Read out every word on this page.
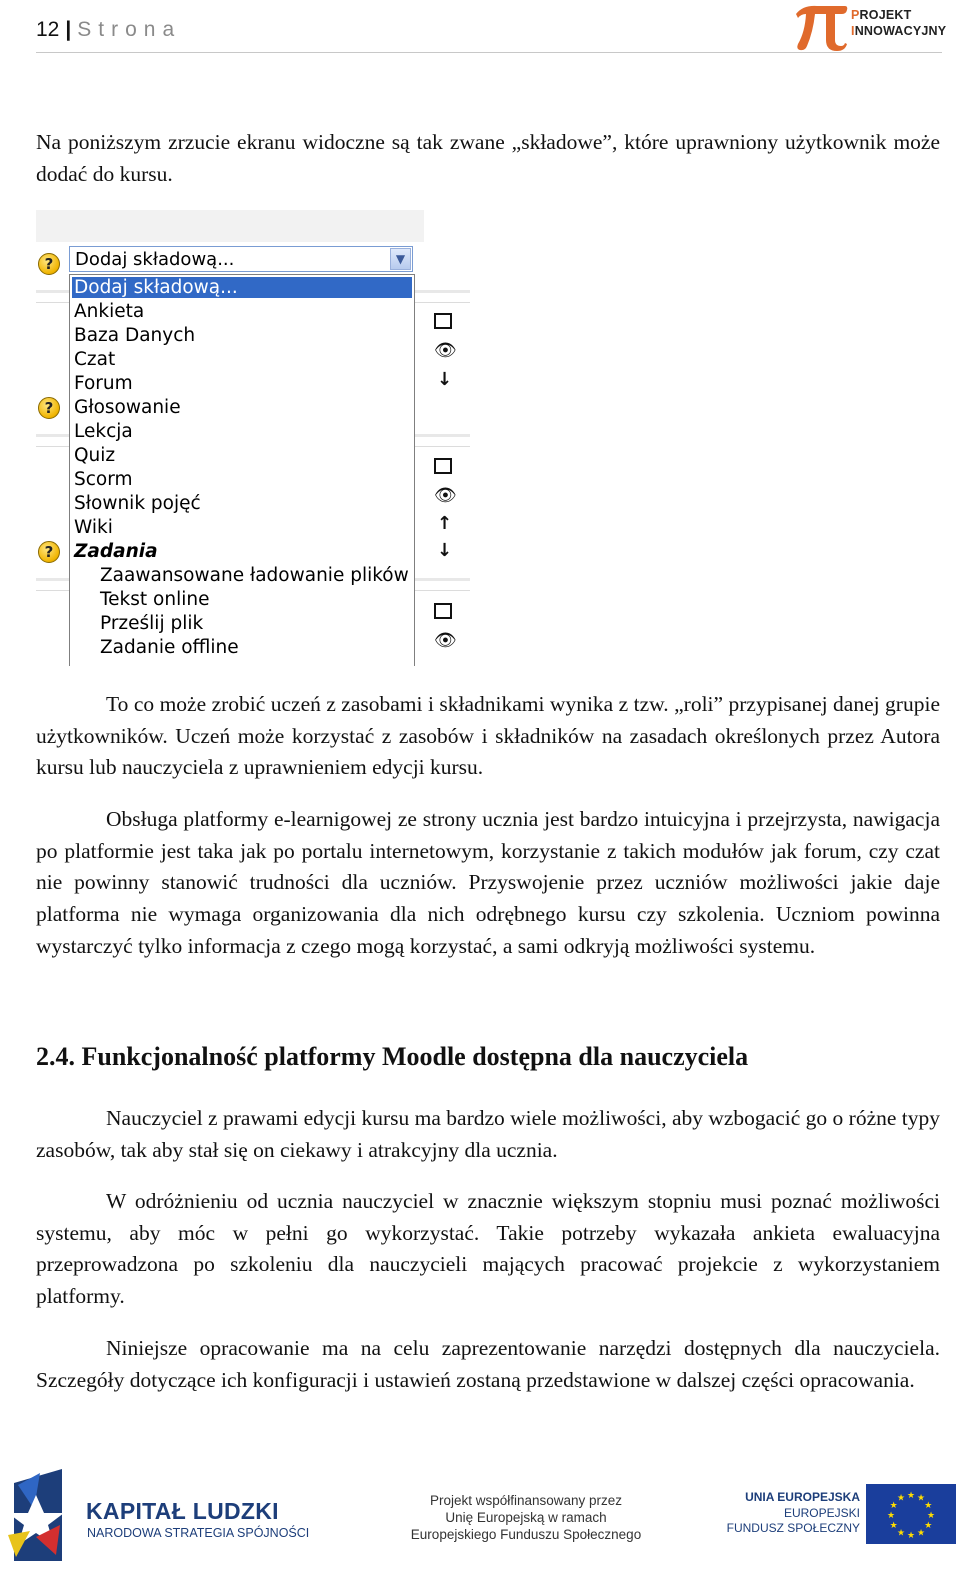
12 | Strona
PROJEKT
INNOWACYJNY

Na poniższym zrzucie ekranu widoczne są tak zwane „składowe”, które uprawniony użytkownik może dodać do kursu.

?
?
?
Dodaj składową...	▼
Dodaj składową...
Ankieta
Baza Danych
Czat
Forum
Głosowanie
Lekcja
Quiz
Scorm
Słownik pojęć
Wiki
Zadania
Zaawansowane ładowanie plików
Tekst online
Prześlij plik
Zadanie offline
👁
↓
👁
↑
↓
👁

To co może zrobić uczeń z zasobami i składnikami wynika z tzw. „roli” przypisanej danej grupie użytkowników. Uczeń może korzystać z zasobów i składników na zasadach określonych przez Autora kursu lub nauczyciela z uprawnieniem edycji kursu.

Obsługa platformy e-learnigowej ze strony ucznia jest bardzo intuicyjna i przejrzysta, nawigacja po platformie jest taka jak po portalu internetowym, korzystanie z takich modułów jak forum, czy czat nie powinny stanowić trudności dla uczniów. Przyswojenie przez uczniów możliwości jakie daje platforma nie wymaga organizowania dla nich odrębnego kursu czy szkolenia. Uczniom powinna wystarczyć tylko informacja z czego mogą korzystać, a sami odkryją możliwości systemu.

2.4. Funkcjonalność platformy Moodle dostępna dla nauczyciela

Nauczyciel z prawami edycji kursu ma bardzo wiele możliwości, aby wzbogacić go o różne typy zasobów, tak aby stał się on ciekawy i atrakcyjny dla ucznia.

W odróżnieniu od ucznia nauczyciel w znacznie większym stopniu musi poznać możliwości systemu, aby móc w pełni go wykorzystać. Takie potrzeby wykazała ankieta ewaluacyjna przeprowadzona po szkoleniu dla nauczycieli mających pracować projekcie z wykorzystaniem platformy.

Niniejsze opracowanie ma na celu zaprezentowanie narzędzi dostępnych dla nauczyciela. Szczegóły dotyczące ich konfiguracji i ustawień zostaną przedstawione w dalszej części opracowania.

KAPITAŁ LUDZKI
NARODOWA STRATEGIA SPÓJNOŚCI
Projekt współfinansowany przez
Unię Europejską w ramach
Europejskiego Funduszu Społecznego
UNIA EUROPEJSKA
EUROPEJSKI
FUNDUSZ SPOŁECZNY
★ ★
★
★
★
★
★
★
★
★
★
★
